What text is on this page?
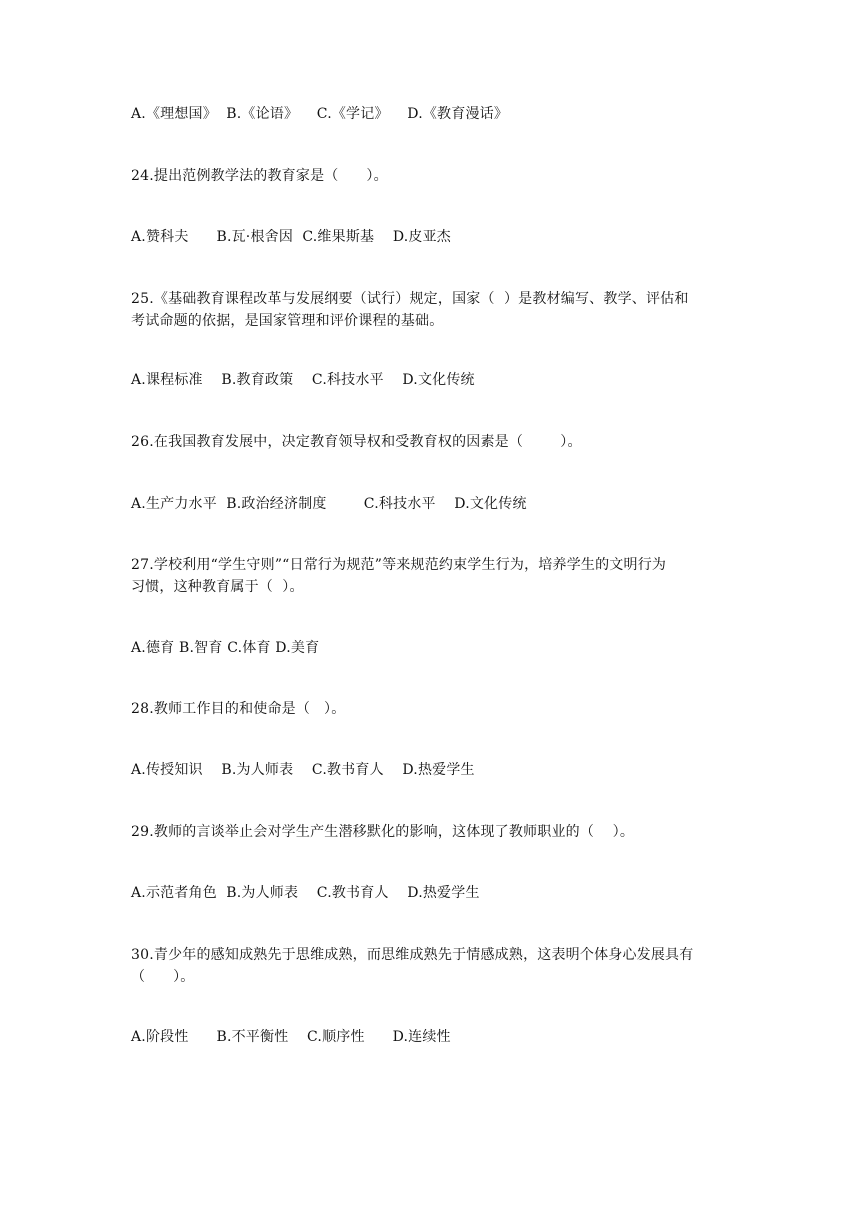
A.《理想国》  B.《论语》    C.《学记》    D.《教育漫话》
24.提出范例教学法的教育家是（      ）。
A.赞科夫      B.瓦·根舍因  C.维果斯基    D.皮亚杰
25.《基础教育课程改革与发展纲要（试行）规定，国家（  ）是教材编写、教学、评估和
考试命题的依据，是国家管理和评价课程的基础。
A.课程标准    B.教育政策    C.科技水平    D.文化传统
26.在我国教育发展中，决定教育领导权和受教育权的因素是（        ）。
A.生产力水平  B.政治经济制度        C.科技水平    D.文化传统
27.学校利用“学生守则”“日常行为规范”等来规范约束学生行为，培养学生的文明行为
习惯，这种教育属于（  ）。
A.德育 B.智育 C.体育 D.美育
28.教师工作目的和使命是（   ）。
A.传授知识    B.为人师表    C.教书育人    D.热爱学生
29.教师的言谈举止会对学生产生潜移默化的影响，这体现了教师职业的（    ）。
A.示范者角色  B.为人师表    C.教书育人    D.热爱学生
30.青少年的感知成熟先于思维成熟，而思维成熟先于情感成熟，这表明个体身心发展具有
（      ）。
A.阶段性      B.不平衡性    C.顺序性      D.连续性
